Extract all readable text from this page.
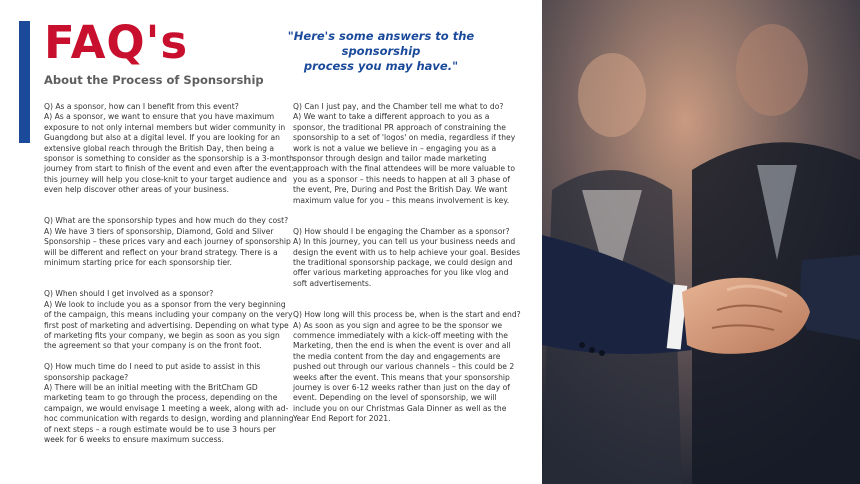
FAQ's
About the Process of Sponsorship
"Here's some answers to the sponsorship
process you may have."

Q) As a sponsor, how can I benefit from this event?

A) As a sponsor, we want to ensure that you have maximum exposure to not only internal members but wider community in Guangdong but also at a digital level. If you are looking for an extensive global reach through the British Day, then being a sponsor is something to consider as the sponsorship is a 3-month journey from start to finish of the event and even after the event; this journey will help you close-knit to your target audience and even help discover other areas of your business.

Q) What are the sponsorship types and how much do they cost?

A) We have 3 tiers of sponsorship, Diamond, Gold and Sliver Sponsorship – these prices vary and each journey of sponsorship will be different and reflect on your brand strategy. There is a minimum starting price for each sponsorship tier.

Q) When should I get involved as a sponsor?

A) We look to include you as a sponsor from the very beginning of the campaign, this means including your company on the very first post of marketing and advertising. Depending on what type of marketing fits your company, we begin as soon as you sign the agreement so that your company is on the front foot.

Q) How much time do I need to put aside to assist in this sponsorship package?

A) There will be an initial meeting with the BritCham GD marketing team to go through the process, depending on the campaign, we would envisage 1 meeting a week, along with ad-hoc communication with regards to design, wording and planning of next steps – a rough estimate would be to use 3 hours per week for 6 weeks to ensure maximum success.

Q) Can I just pay, and the Chamber tell me what to do?

A) We want to take a different approach to you as a sponsor, the traditional PR approach of constraining the sponsorship to a set of 'logos' on media, regardless if they work is not a value we believe in – engaging you as a sponsor through design and tailor made marketing approach with the final attendees will be more valuable to you as a sponsor – this needs to happen at all 3 phase of the event, Pre, During and Post the British Day. We want maximum value for you – this means involvement is key.

Q) How should I be engaging the Chamber as a sponsor?

A) In this journey, you can tell us your business needs and design the event with us to help achieve your goal. Besides the traditional sponsorship package, we could design and offer various marketing approaches for you like vlog and soft advertisements.

Q) How long will this process be, when is the start and end?

A) As soon as you sign and agree to be the sponsor we commence immediately with a kick-off meeting with the Marketing, then the end is when the event is over and all the media content from the day and engagements are pushed out through our various channels – this could be 2 weeks after the event. This means that your sponsorship journey is over 6-12 weeks rather than just on the day of event. Depending on the level of sponsorship, we will include you on our Christmas Gala Dinner as well as the Year End Report for 2021.
